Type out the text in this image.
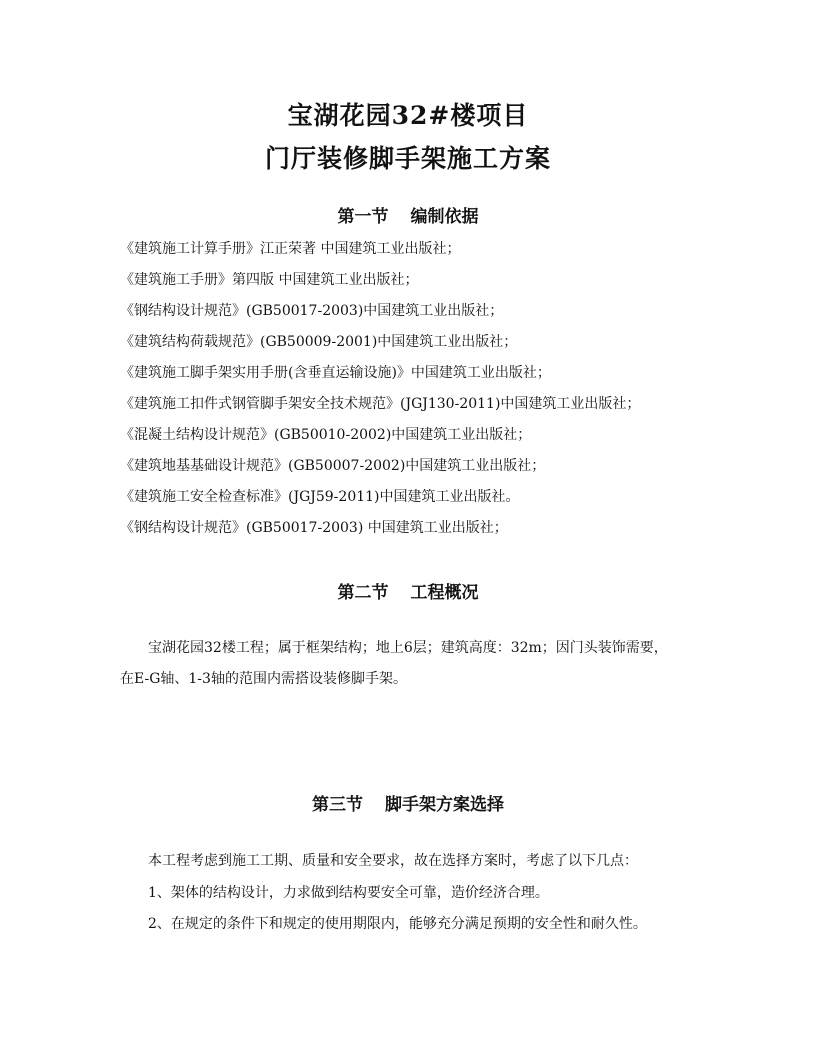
宝湖花园32#楼项目
门厅装修脚手架施工方案
第一节 编制依据
《建筑施工计算手册》江正荣著 中国建筑工业出版社；
《建筑施工手册》第四版 中国建筑工业出版社；
《钢结构设计规范》(GB50017-2003)中国建筑工业出版社；
《建筑结构荷载规范》(GB50009-2001)中国建筑工业出版社；
《建筑施工脚手架实用手册(含垂直运输设施)》中国建筑工业出版社；
《建筑施工扣件式钢管脚手架安全技术规范》(JGJ130-2011)中国建筑工业出版社；
《混凝土结构设计规范》(GB50010-2002)中国建筑工业出版社；
《建筑地基基础设计规范》(GB50007-2002)中国建筑工业出版社；
《建筑施工安全检查标准》(JGJ59-2011)中国建筑工业出版社。
《钢结构设计规范》(GB50017-2003) 中国建筑工业出版社；
第二节 工程概况
宝湖花园32楼工程；属于框架结构；地上6层；建筑高度：32m；因门头装饰需要，
在E-G轴、1-3轴的范围内需搭设装修脚手架。
第三节 脚手架方案选择
本工程考虑到施工工期、质量和安全要求，故在选择方案时，考虑了以下几点：
1、架体的结构设计，力求做到结构要安全可靠，造价经济合理。
2、在规定的条件下和规定的使用期限内，能够充分满足预期的安全性和耐久性。
